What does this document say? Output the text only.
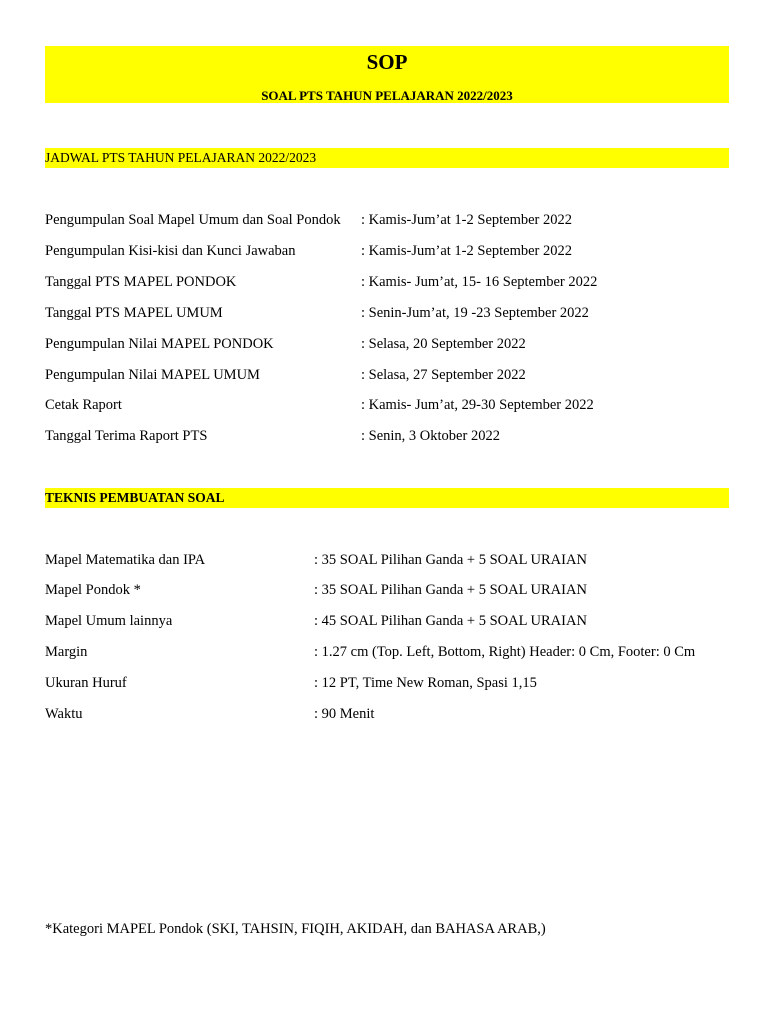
SOP
SOAL PTS TAHUN PELAJARAN 2022/2023
JADWAL PTS TAHUN PELAJARAN 2022/2023
Pengumpulan Soal Mapel Umum dan Soal Pondok : Kamis-Jum’at 1-2 September 2022
Pengumpulan Kisi-kisi dan Kunci Jawaban	: Kamis-Jum’at 1-2 September 2022
Tanggal PTS MAPEL PONDOK	: Kamis- Jum’at, 15- 16 September 2022
Tanggal PTS MAPEL UMUM	: Senin-Jum’at, 19 -23 September 2022
Pengumpulan Nilai MAPEL PONDOK	: Selasa, 20 September 2022
Pengumpulan Nilai MAPEL UMUM	: Selasa, 27 September 2022
Cetak Raport	: Kamis- Jum’at, 29-30 September 2022
Tanggal Terima Raport PTS	: Senin, 3 Oktober 2022
TEKNIS PEMBUATAN SOAL
Mapel Matematika dan IPA	: 35 SOAL Pilihan Ganda + 5 SOAL URAIAN
Mapel Pondok *	: 35 SOAL Pilihan Ganda + 5 SOAL URAIAN
Mapel Umum lainnya	: 45 SOAL Pilihan Ganda + 5 SOAL URAIAN
Margin	: 1.27 cm (Top. Left, Bottom, Right) Header: 0 Cm, Footer: 0 Cm
Ukuran Huruf	: 12 PT, Time New Roman, Spasi 1,15
Waktu	: 90 Menit
*Kategori MAPEL Pondok (SKI, TAHSIN, FIQIH, AKIDAH, dan BAHASA ARAB,)
